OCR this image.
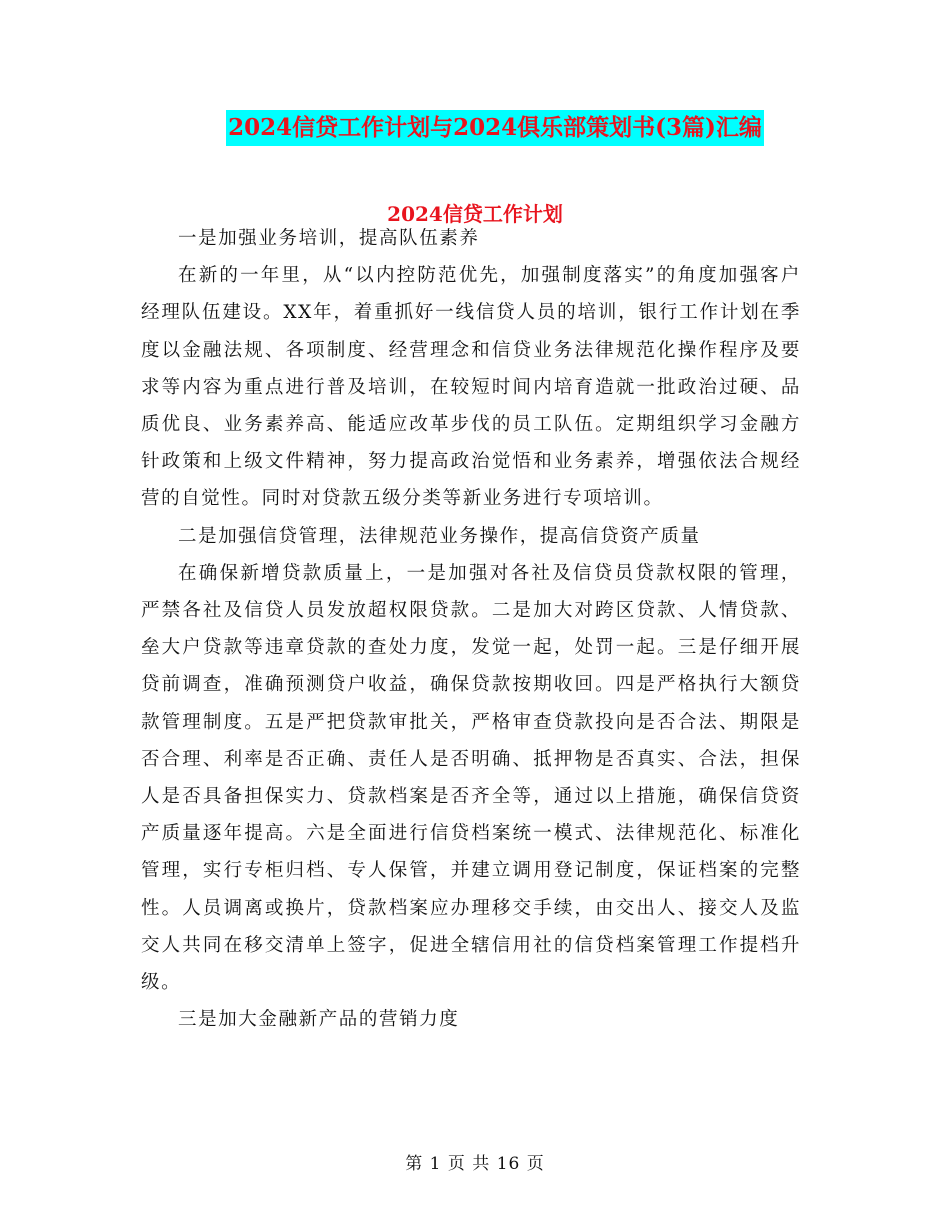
2024信贷工作计划与2024俱乐部策划书(3篇)汇编
2024信贷工作计划

一是加强业务培训，提高队伍素养

在新的一年里，从“以内控防范优先，加强制度落实”的角度加强客户经理队伍建设。XX年，着重抓好一线信贷人员的培训，银行工作计划在季度以金融法规、各项制度、经营理念和信贷业务法律规范化操作程序及要求等内容为重点进行普及培训，在较短时间内培育造就一批政治过硬、品质优良、业务素养高、能适应改革步伐的员工队伍。定期组织学习金融方针政策和上级文件精神，努力提高政治觉悟和业务素养，增强依法合规经营的自觉性。同时对贷款五级分类等新业务进行专项培训。

二是加强信贷管理，法律规范业务操作，提高信贷资产质量

在确保新增贷款质量上，一是加强对各社及信贷员贷款权限的管理，严禁各社及信贷人员发放超权限贷款。二是加大对跨区贷款、人情贷款、垒大户贷款等违章贷款的查处力度，发觉一起，处罚一起。三是仔细开展贷前调查，准确预测贷户收益，确保贷款按期收回。四是严格执行大额贷款管理制度。五是严把贷款审批关，严格审查贷款投向是否合法、期限是否合理、利率是否正确、责任人是否明确、抵押物是否真实、合法，担保人是否具备担保实力、贷款档案是否齐全等，通过以上措施，确保信贷资产质量逐年提高。六是全面进行信贷档案统一模式、法律规范化、标准化管理，实行专柜归档、专人保管，并建立调用登记制度，保证档案的完整性。人员调离或换片，贷款档案应办理移交手续，由交出人、接交人及监交人共同在移交清单上签字，促进全辖信用社的信贷档案管理工作提档升级。

三是加大金融新产品的营销力度

第 1 页 共 16 页
